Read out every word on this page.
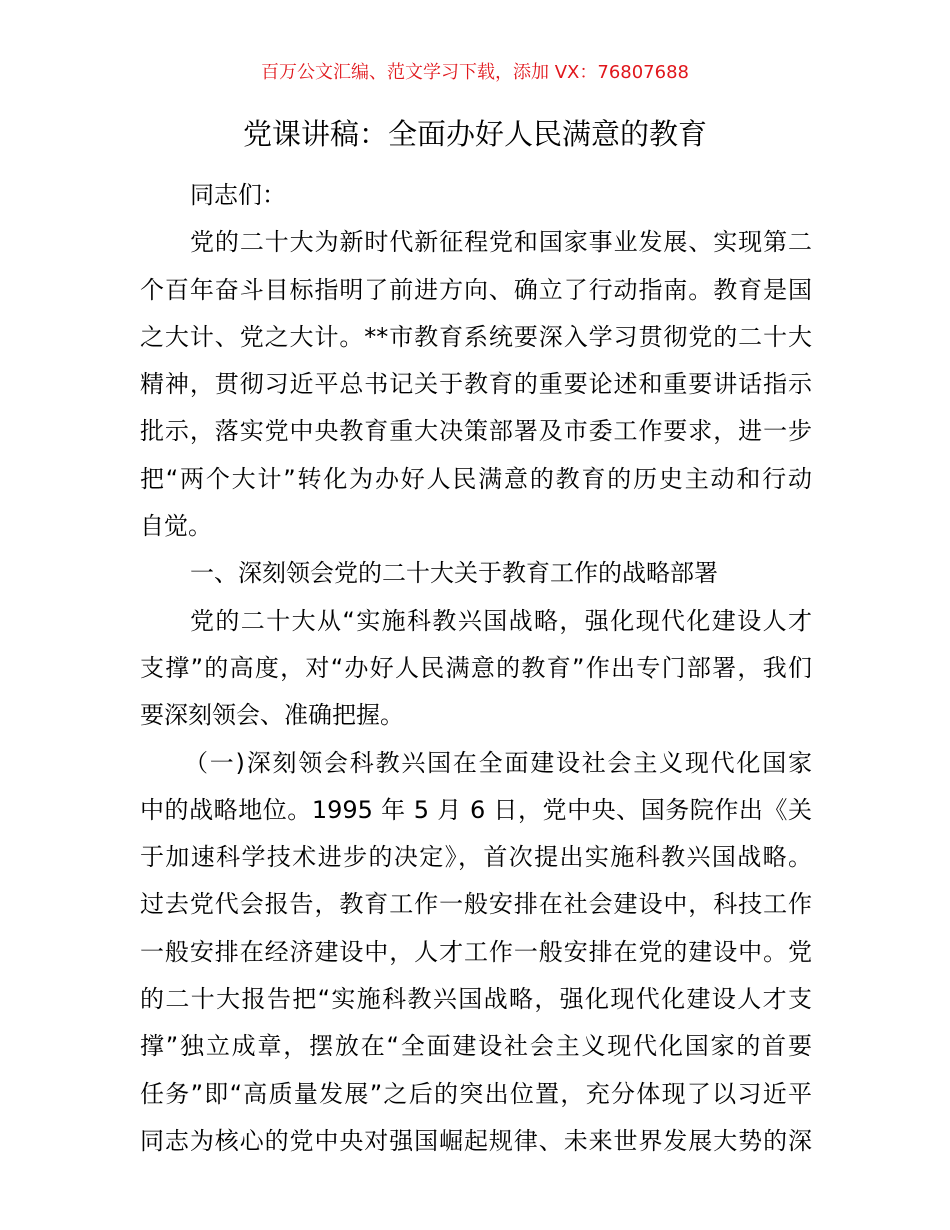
百万公文汇编、范文学习下载，添加 VX：76807688
党课讲稿：全面办好人民满意的教育
同志们：
党的二十大为新时代新征程党和国家事业发展、实现第二
个百年奋斗目标指明了前进方向、确立了行动指南。教育是国
之大计、党之大计。**市教育系统要深入学习贯彻党的二十大
精神，贯彻习近平总书记关于教育的重要论述和重要讲话指示
批示，落实党中央教育重大决策部署及市委工作要求，进一步
把“两个大计”转化为办好人民满意的教育的历史主动和行动
自觉。
一、深刻领会党的二十大关于教育工作的战略部署
党的二十大从“实施科教兴国战略，强化现代化建设人才
支撑”的高度，对“办好人民满意的教育”作出专门部署，我们
要深刻领会、准确把握。
（一)深刻领会科教兴国在全面建设社会主义现代化国家
中的战略地位。1995 年 5 月 6 日，党中央、国务院作出《关
于加速科学技术进步的决定》，首次提出实施科教兴国战略。
过去党代会报告，教育工作一般安排在社会建设中，科技工作
一般安排在经济建设中，人才工作一般安排在党的建设中。党
的二十大报告把“实施科教兴国战略，强化现代化建设人才支
撑”独立成章，摆放在“全面建设社会主义现代化国家的首要
任务”即“高质量发展”之后的突出位置，充分体现了以习近平
同志为核心的党中央对强国崛起规律、未来世界发展大势的深
